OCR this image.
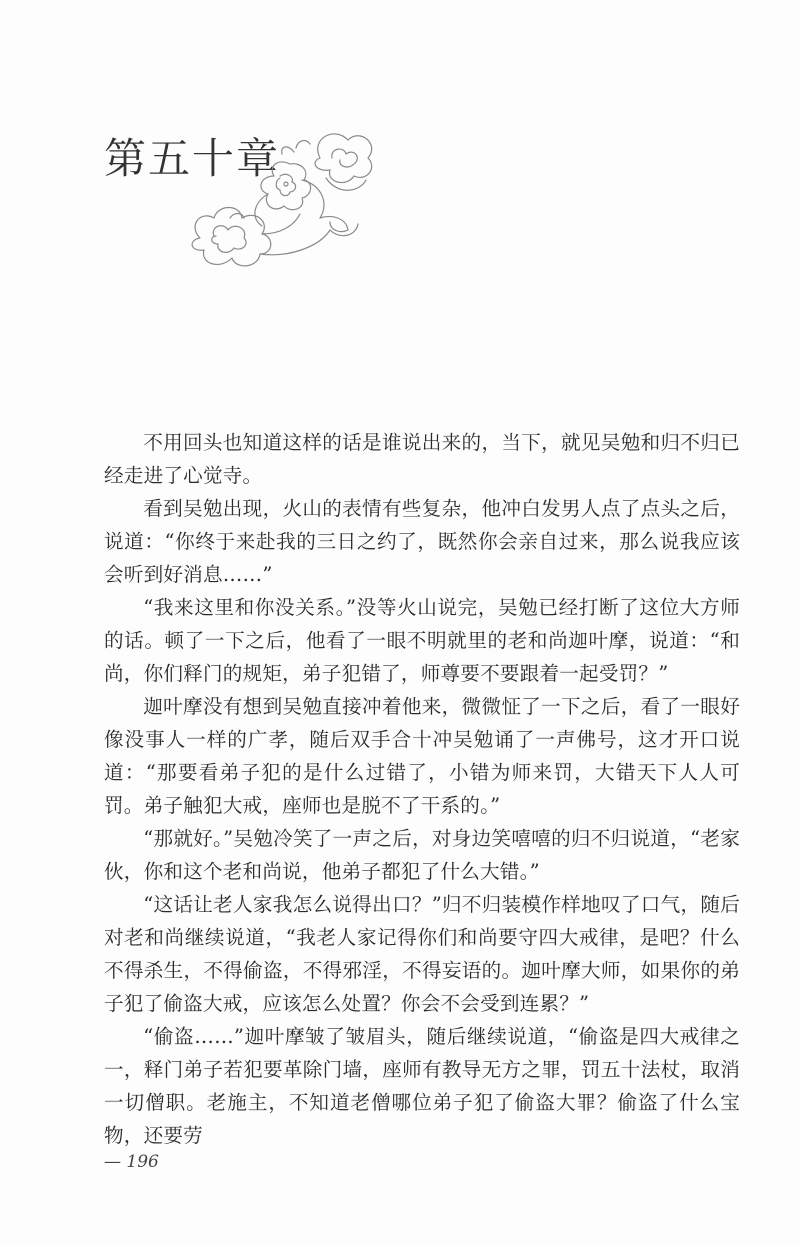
第五十章

不用回头也知道这样的话是谁说出来的，当下，就见吴勉和归不归已经走进了心觉寺。

看到吴勉出现，火山的表情有些复杂，他冲白发男人点了点头之后，说道：“你终于来赴我的三日之约了，既然你会亲自过来，那么说我应该会听到好消息……”

“我来这里和你没关系。”没等火山说完，吴勉已经打断了这位大方师的话。顿了一下之后，他看了一眼不明就里的老和尚迦叶摩，说道：“和尚，你们释门的规矩，弟子犯错了，师尊要不要跟着一起受罚？”

迦叶摩没有想到吴勉直接冲着他来，微微怔了一下之后，看了一眼好像没事人一样的广孝，随后双手合十冲吴勉诵了一声佛号，这才开口说道：“那要看弟子犯的是什么过错了，小错为师来罚，大错天下人人可罚。弟子触犯大戒，座师也是脱不了干系的。”

“那就好。”吴勉冷笑了一声之后，对身边笑嘻嘻的归不归说道，“老家伙，你和这个老和尚说，他弟子都犯了什么大错。”

“这话让老人家我怎么说得出口？”归不归装模作样地叹了口气，随后对老和尚继续说道，“我老人家记得你们和尚要守四大戒律，是吧？什么不得杀生，不得偷盗，不得邪淫，不得妄语的。迦叶摩大师，如果你的弟子犯了偷盗大戒，应该怎么处置？你会不会受到连累？”

“偷盗……”迦叶摩皱了皱眉头，随后继续说道，“偷盗是四大戒律之一，释门弟子若犯要革除门墙，座师有教导无方之罪，罚五十法杖，取消一切僧职。老施主，不知道老僧哪位弟子犯了偷盗大罪？偷盗了什么宝物，还要劳

— 196
